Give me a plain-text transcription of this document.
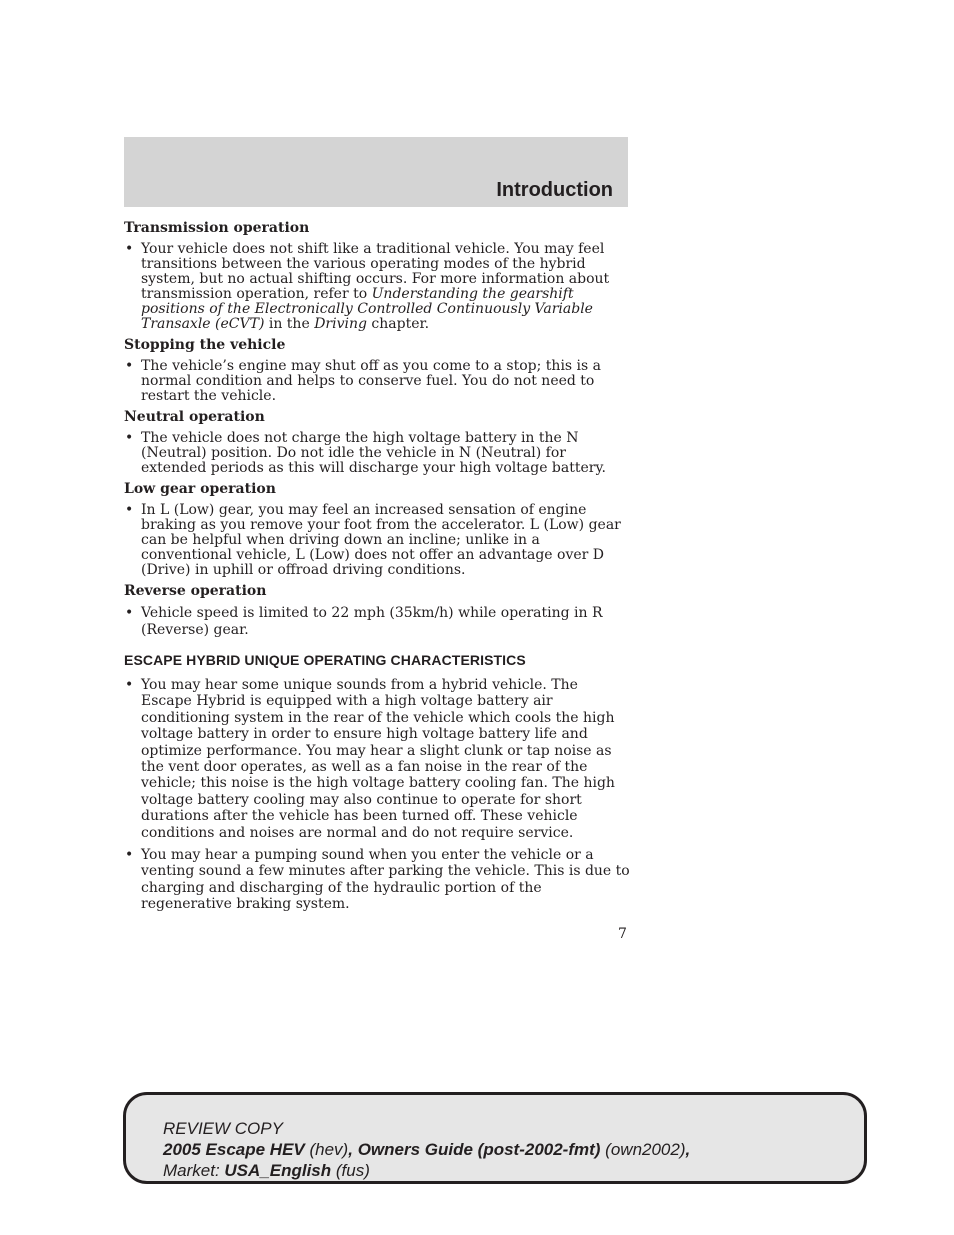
Introduction
Transmission operation
• Your vehicle does not shift like a traditional vehicle. You may feel transitions between the various operating modes of the hybrid system, but no actual shifting occurs. For more information about transmission operation, refer to Understanding the gearshift positions of the Electronically Controlled Continuously Variable Transaxle (eCVT) in the Driving chapter.
Stopping the vehicle
• The vehicle’s engine may shut off as you come to a stop; this is a normal condition and helps to conserve fuel. You do not need to restart the vehicle.
Neutral operation
• The vehicle does not charge the high voltage battery in the N (Neutral) position. Do not idle the vehicle in N (Neutral) for extended periods as this will discharge your high voltage battery.
Low gear operation
• In L (Low) gear, you may feel an increased sensation of engine braking as you remove your foot from the accelerator. L (Low) gear can be helpful when driving down an incline; unlike in a conventional vehicle, L (Low) does not offer an advantage over D (Drive) in uphill or offroad driving conditions.
Reverse operation
• Vehicle speed is limited to 22 mph (35km/h) while operating in R (Reverse) gear.
ESCAPE HYBRID UNIQUE OPERATING CHARACTERISTICS
• You may hear some unique sounds from a hybrid vehicle. The Escape Hybrid is equipped with a high voltage battery air conditioning system in the rear of the vehicle which cools the high voltage battery in order to ensure high voltage battery life and optimize performance. You may hear a slight clunk or tap noise as the vent door operates, as well as a fan noise in the rear of the vehicle; this noise is the high voltage battery cooling fan. The high voltage battery cooling may also continue to operate for short durations after the vehicle has been turned off. These vehicle conditions and noises are normal and do not require service.
• You may hear a pumping sound when you enter the vehicle or a venting sound a few minutes after parking the vehicle. This is due to charging and discharging of the hydraulic portion of the regenerative braking system.
7
REVIEW COPY
2005 Escape HEV (hev), Owners Guide (post-2002-fmt) (own2002),
Market: USA_English (fus)
